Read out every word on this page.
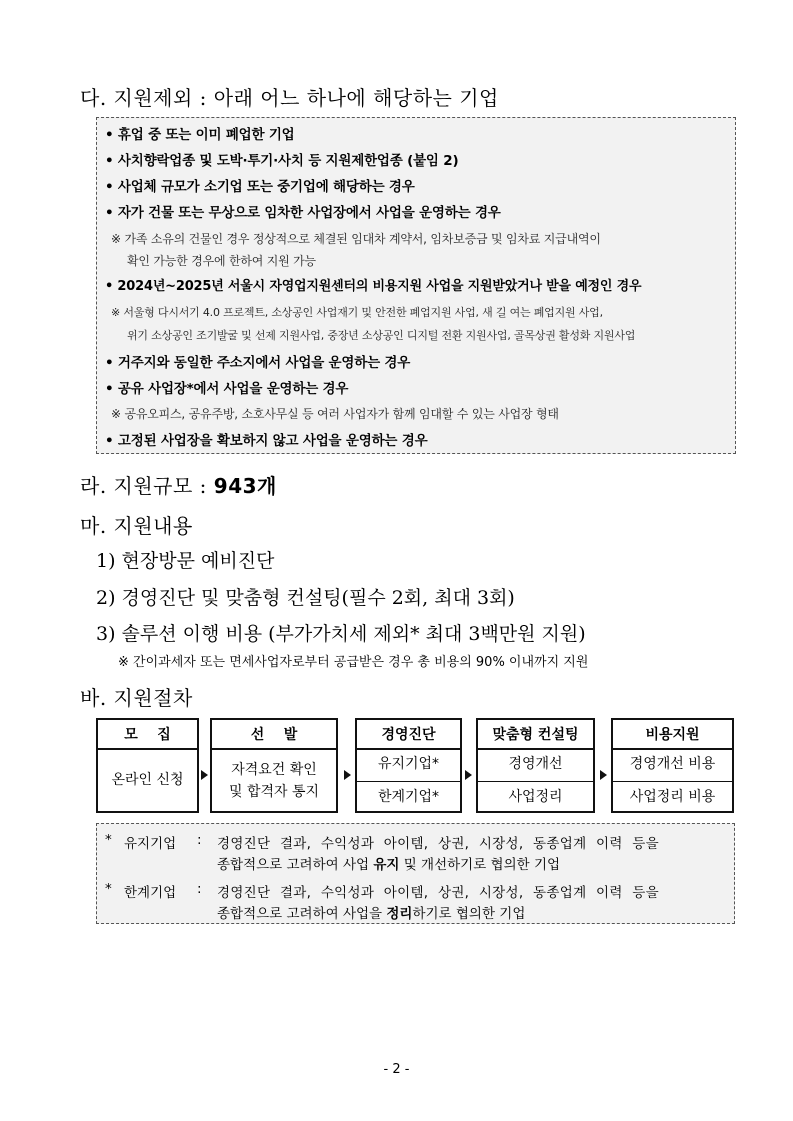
다. 지원제외 : 아래 어느 하나에 해당하는 기업
• 휴업 중 또는 이미 폐업한 기업
• 사치향락업종 및 도박·투기·사치 등 지원제한업종 (붙임 2)
• 사업체 규모가 소기업 또는 중기업에 해당하는 경우
• 자가 건물 또는 무상으로 임차한 사업장에서 사업을 운영하는 경우
※ 가족 소유의 건물인 경우 정상적으로 체결된 임대차 계약서, 임차보증금 및 임차료 지급내역이
확인 가능한 경우에 한하여 지원 가능
• 2024년~2025년 서울시 자영업지원센터의 비용지원 사업을 지원받았거나 받을 예정인 경우
※ 서울형 다시서기 4.0 프로젝트, 소상공인 사업재기 및 안전한 폐업지원 사업, 새 길 여는 폐업지원 사업,
위기 소상공인 조기발굴 및 선제 지원사업, 중장년 소상공인 디지털 전환 지원사업, 골목상권 활성화 지원사업
• 거주지와 동일한 주소지에서 사업을 운영하는 경우
• 공유 사업장*에서 사업을 운영하는 경우
※ 공유오피스, 공유주방, 소호사무실 등 여러 사업자가 함께 임대할 수 있는 사업장 형태
• 고정된 사업장을 확보하지 않고 사업을 운영하는 경우
라. 지원규모 : 943개
마. 지원내용
1) 현장방문 예비진단
2) 경영진단 및 맞춤형 컨설팅(필수 2회, 최대 3회)
3) 솔루션 이행 비용 (부가가치세 제외* 최대 3백만원 지원)
※ 간이과세자 또는 면세사업자로부터 공급받은 경우 총 비용의 90% 이내까지 지원
바. 지원절차
모    집
온라인 신청
선    발
자격요건 확인
및 합격자 통지
경영진단
유지기업*
한계기업*
맞춤형 컨설팅
경영개선
사업정리
비용지원
경영개선 비용
사업정리 비용
* 유지기업 : 경영진단 결과, 수익성과 아이템, 상권, 시장성, 동종업계 이력 등을
종합적으로 고려하여 사업 유지 및 개선하기로 협의한 기업
* 한계기업 : 경영진단 결과, 수익성과 아이템, 상권, 시장성, 동종업계 이력 등을
종합적으로 고려하여 사업을 정리하기로 협의한 기업
- 2 -
